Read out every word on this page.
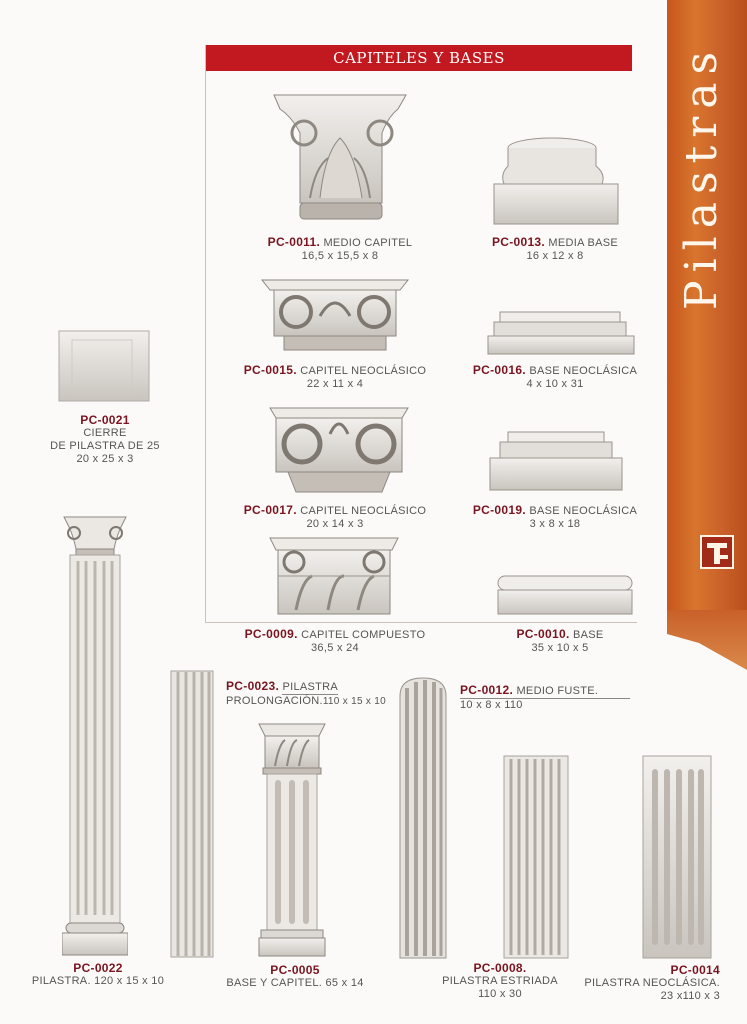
CAPITELES Y BASES
PC-0011. MEDIO CAPITEL
16,5 x 15,5 x 8
PC-0013. MEDIA BASE
16 x 12 x 8
PC-0015. CAPITEL NEOCLÁSICO
22 x 11 x 4
PC-0016. BASE NEOCLÁSICA
4 x 10 x 31
PC-0021
CIERRE
DE PILASTRA DE 25
20 x 25 x 3
PC-0017. CAPITEL NEOCLÁSICO
20 x 14 x 3
PC-0019. BASE NEOCLÁSICA
3 x 8 x 18
PC-0009. CAPITEL COMPUESTO
36,5 x 24
PC-0010. BASE
35 x 10 x 5
PC-0022
PILASTRA. 120 x 15 x 10
PC-0023. PILASTRA
PROLONGACIÓN.110 x 15 x 10
PC-0005
BASE Y CAPITEL. 65 x 14
PC-0012. MEDIO FUSTE.
10 x 8 x 110
PC-0008.
PILASTRA ESTRIADA
110 x 30
PC-0014
PILASTRA NEOCLÁSICA.
23 x110 x 3
